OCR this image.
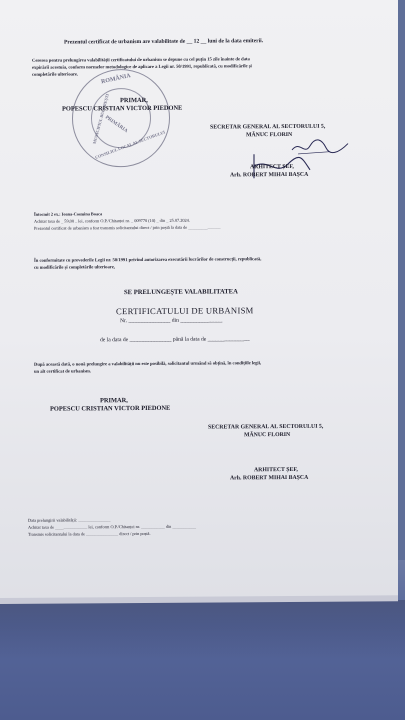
Prezentul certificat de urbanism are valabilitate de __ 12 __ luni de la data emiterii.
Cererea pentru prelungirea valabilității certificatului de urbanism se depune cu cel puțin 15 zile înainte de data
expirării acestuia, conform normelor metodologice de aplicare a Legii nr. 50/1991, republicată, cu modificările și
completările ulterioare.	ROMÂNIA
PRIMĂRIA
MUNICIPIUL BUCUREȘTI
CONSILIUL LOCAL AL SECTORULUI
PRIMAR,
POPESCU CRISTIAN VICTOR PIEDONE
SECRETAR GENERAL AL SECTORULUI 5,
MĂNUC FLORIN
ARHITECT ȘEF,
Arh. ROBERT MIHAI BAȘCA
Întocmit 2 ex.: Ioana-Cosmina Boaca
Achitat taxa de _ 59,00 _ lei, conform O.P./Chitanței nr. _ 009770 (10) _ din _ 25.07.2024.
Prezentul certificat de urbanism a fost transmis solicitantului direct / prin poștă la data de _______________
În conformitate cu prevederile Legii nr. 50/1991 privind autorizarea executării lucrărilor de construcții, republicată,
cu modificările și completările ulterioare,
SE PRELUNGEȘTE VALABILITATEA
CERTIFICATULUI DE URBANISM
Nr. _______________ din _______________
de la data de _______________ până la data de _______________
După această dată, o nouă prelungire a valabilității nu este posibilă, solicitantul urmând să obțină, în condițiile legii,
un alt certificat de urbanism.
PRIMAR,
POPESCU CRISTIAN VICTOR PIEDONE
SECRETAR GENERAL AL SECTORULUI 5,
MĂNUC FLORIN
ARHITECT ȘEF,
Arh. ROBERT MIHAI BAȘCA
Data prelungirii valabilității: _______________
Achitat taxa de _______________ lei, conform O.P./Chitanței nr. ___________ din ___________
Transmis solicitantului la data de _______________ direct / prin poștă.
